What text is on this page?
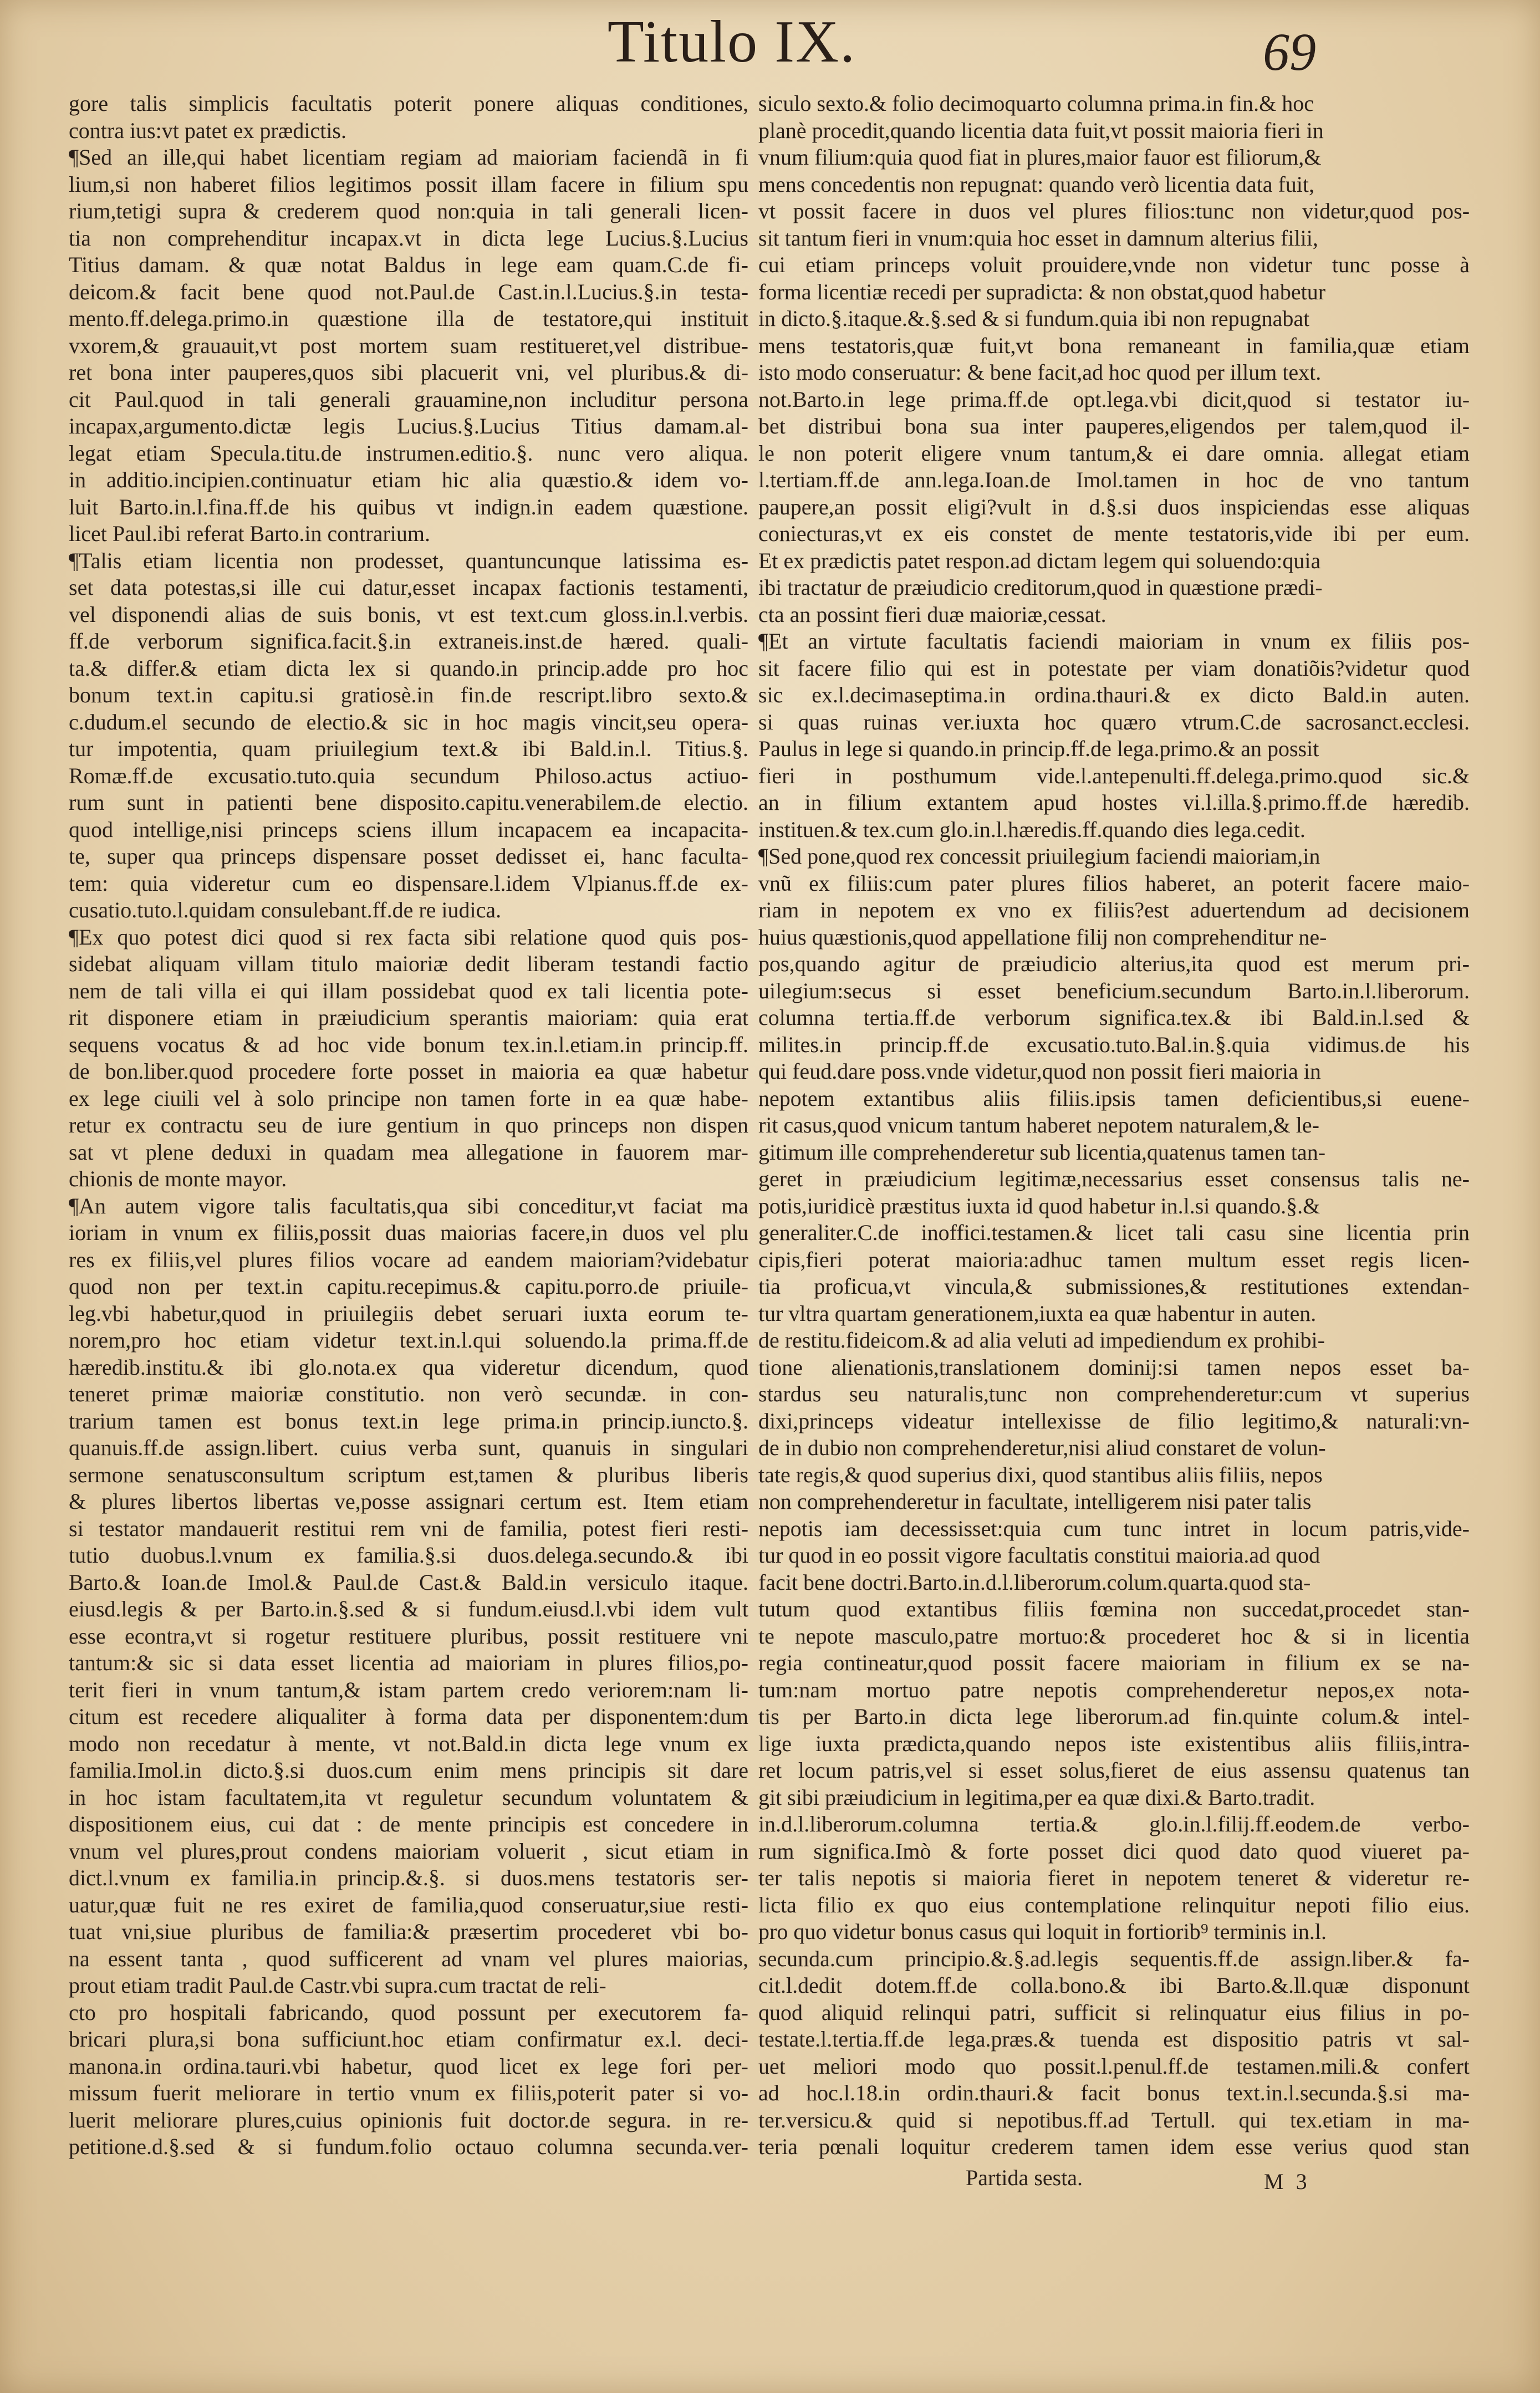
Titulo IX.	69
gore talis simplicis facultatis poterit ponere aliquas conditiones,
contra ius:vt patet ex prædictis.
¶Sed an ille,qui habet licentiam regiam ad maioriam faciendã in fi
lium,si non haberet filios legitimos possit illam facere in filium spu
rium,tetigi supra & crederem quod non:quia in tali generali licen-
tia non comprehenditur incapax.vt in dicta lege Lucius.§.Lucius
Titius damam. & quæ notat Baldus in lege eam quam.C.de fi-
deicom.& facit bene quod not.Paul.de Cast.in.l.Lucius.§.in testa-
mento.ff.delega.primo.in quæstione illa de testatore,qui instituit
vxorem,& grauauit,vt post mortem suam restitueret,vel distribue-
ret bona inter pauperes,quos sibi placuerit vni, vel pluribus.& di-
cit Paul.quod in tali generali grauamine,non includitur persona
incapax,argumento.dictæ legis Lucius.§.Lucius Titius damam.al-
legat etiam Specula.titu.de instrumen.editio.§. nunc vero aliqua.
in additio.incipien.continuatur etiam hic alia quæstio.& idem vo-
luit Barto.in.l.fina.ff.de his quibus vt indign.in eadem quæstione.
licet Paul.ibi referat Barto.in contrarium.
¶Talis etiam licentia non prodesset, quantuncunque latissima es-
set data potestas,si ille cui datur,esset incapax factionis testamenti,
vel disponendi alias de suis bonis, vt est text.cum gloss.in.l.verbis.
ff.de verborum significa.facit.§.in extraneis.inst.de hæred. quali-
ta.& differ.& etiam dicta lex si quando.in princip.adde pro hoc
bonum text.in capitu.si gratiosè.in fin.de rescript.libro sexto.&
c.dudum.el secundo de electio.& sic in hoc magis vincit,seu opera-
tur impotentia, quam priuilegium text.& ibi Bald.in.l. Titius.§.
Romæ.ff.de excusatio.tuto.quia secundum Philoso.actus actiuo-
rum sunt in patienti bene disposito.capitu.venerabilem.de electio.
quod intellige,nisi princeps sciens illum incapacem ea incapacita-
te, super qua princeps dispensare posset dedisset ei, hanc faculta-
tem: quia videretur cum eo dispensare.l.idem Vlpianus.ff.de ex-
cusatio.tuto.l.quidam consulebant.ff.de re iudica.
¶Ex quo potest dici quod si rex facta sibi relatione quod quis pos-
sidebat aliquam villam titulo maioriæ dedit liberam testandi factio
nem de tali villa ei qui illam possidebat quod ex tali licentia pote-
rit disponere etiam in præiudicium sperantis maioriam: quia erat
sequens vocatus & ad hoc vide bonum tex.in.l.etiam.in princip.ff.
de bon.liber.quod procedere forte posset in maioria ea quæ habetur
ex lege ciuili vel à solo principe non tamen forte in ea quæ habe-
retur ex contractu seu de iure gentium in quo princeps non dispen
sat vt plene deduxi in quadam mea allegatione in fauorem mar-
chionis de monte mayor.
¶An autem vigore talis facultatis,qua sibi conceditur,vt faciat ma
ioriam in vnum ex filiis,possit duas maiorias facere,in duos vel plu
res ex filiis,vel plures filios vocare ad eandem maioriam?videbatur
quod non per text.in capitu.recepimus.& capitu.porro.de priuile-
leg.vbi habetur,quod in priuilegiis debet seruari iuxta eorum te-
norem,pro hoc etiam videtur text.in.l.qui soluendo.la prima.ff.de
hæredib.institu.& ibi glo.nota.ex qua videretur dicendum, quod
teneret primæ maioriæ constitutio. non verò secundæ. in con-
trarium tamen est bonus text.in lege prima.in princip.iuncto.§.
quanuis.ff.de assign.libert. cuius verba sunt, quanuis in singulari
sermone senatusconsultum scriptum est,tamen & pluribus liberis
& plures libertos libertas ve,posse assignari certum est. Item etiam
si testator mandauerit restitui rem vni de familia, potest fieri resti-
tutio duobus.l.vnum ex familia.§.si duos.delega.secundo.& ibi
Barto.& Ioan.de Imol.& Paul.de Cast.& Bald.in versiculo itaque.
eiusd.legis & per Barto.in.§.sed & si fundum.eiusd.l.vbi idem vult
esse econtra,vt si rogetur restituere pluribus, possit restituere vni
tantum:& sic si data esset licentia ad maioriam in plures filios,po-
terit fieri in vnum tantum,& istam partem credo veriorem:nam li-
citum est recedere aliqualiter à forma data per disponentem:dum
modo non recedatur à mente, vt not.Bald.in dicta lege vnum ex
familia.Imol.in dicto.§.si duos.cum enim mens principis sit dare
in hoc istam facultatem,ita vt reguletur secundum voluntatem &
dispositionem eius, cui dat : de mente principis est concedere in
vnum vel plures,prout condens maioriam voluerit , sicut etiam in
dict.l.vnum ex familia.in princip.&.§. si duos.mens testatoris ser-
uatur,quæ fuit ne res exiret de familia,quod conseruatur,siue resti-
tuat vni,siue pluribus de familia:& præsertim procederet vbi bo-
na essent tanta , quod sufficerent ad vnam vel plures maiorias,
prout etiam tradit Paul.de Castr.vbi supra.cum tractat de reli-
cto pro hospitali fabricando, quod possunt per executorem fa-
bricari plura,si bona sufficiunt.hoc etiam confirmatur ex.l. deci-
manona.in ordina.tauri.vbi habetur, quod licet ex lege fori per-
missum fuerit meliorare in tertio vnum ex filiis,poterit pater si vo-
luerit meliorare plures,cuius opinionis fuit doctor.de segura. in re-
petitione.d.§.sed & si fundum.folio octauo columna secunda.ver-
siculo sexto.& folio decimoquarto columna prima.in fin.& hoc
planè procedit,quando licentia data fuit,vt possit maioria fieri in
vnum filium:quia quod fiat in plures,maior fauor est filiorum,&
mens concedentis non repugnat: quando verò licentia data fuit,
vt possit facere in duos vel plures filios:tunc non videtur,quod pos-
sit tantum fieri in vnum:quia hoc esset in damnum alterius filii,
cui etiam princeps voluit prouidere,vnde non videtur tunc posse à
forma licentiæ recedi per supradicta: & non obstat,quod habetur
in dicto.§.itaque.&.§.sed & si fundum.quia ibi non repugnabat
mens testatoris,quæ fuit,vt bona remaneant in familia,quæ etiam
isto modo conseruatur: & bene facit,ad hoc quod per illum text.
not.Barto.in lege prima.ff.de opt.lega.vbi dicit,quod si testator iu-
bet distribui bona sua inter pauperes,eligendos per talem,quod il-
le non poterit eligere vnum tantum,& ei dare omnia. allegat etiam
l.tertiam.ff.de ann.lega.Ioan.de Imol.tamen in hoc de vno tantum
paupere,an possit eligi?vult in d.§.si duos inspiciendas esse aliquas
coniecturas,vt ex eis constet de mente testatoris,vide ibi per eum.
Et ex prædictis patet respon.ad dictam legem qui soluendo:quia
ibi tractatur de præiudicio creditorum,quod in quæstione prædi-
cta an possint fieri duæ maioriæ,cessat.
¶Et an virtute facultatis faciendi maioriam in vnum ex filiis pos-
sit facere filio qui est in potestate per viam donatiõis?videtur quod
sic ex.l.decimaseptima.in ordina.thauri.& ex dicto Bald.in auten.
si quas ruinas ver.iuxta hoc quæro vtrum.C.de sacrosanct.ecclesi.
Paulus in lege si quando.in princip.ff.de lega.primo.& an possit
fieri in posthumum vide.l.antepenulti.ff.delega.primo.quod sic.&
an in filium extantem apud hostes vi.l.illa.§.primo.ff.de hæredib.
instituen.& tex.cum glo.in.l.hæredis.ff.quando dies lega.cedit.
¶Sed pone,quod rex concessit priuilegium faciendi maioriam,in
vnũ ex filiis:cum pater plures filios haberet, an poterit facere maio-
riam in nepotem ex vno ex filiis?est aduertendum ad decisionem
huius quæstionis,quod appellatione filij non comprehenditur ne-
pos,quando agitur de præiudicio alterius,ita quod est merum pri-
uilegium:secus si esset beneficium.secundum Barto.in.l.liberorum.
columna tertia.ff.de verborum significa.tex.& ibi Bald.in.l.sed &
milites.in princip.ff.de excusatio.tuto.Bal.in.§.quia vidimus.de his
qui feud.dare poss.vnde videtur,quod non possit fieri maioria in
nepotem extantibus aliis filiis.ipsis tamen deficientibus,si euene-
rit casus,quod vnicum tantum haberet nepotem naturalem,& le-
gitimum ille comprehenderetur sub licentia,quatenus tamen tan-
geret in præiudicium legitimæ,necessarius esset consensus talis ne-
potis,iuridicè præstitus iuxta id quod habetur in.l.si quando.§.&
generaliter.C.de inoffici.testamen.& licet tali casu sine licentia prin
cipis,fieri poterat maioria:adhuc tamen multum esset regis licen-
tia proficua,vt vincula,& submissiones,& restitutiones extendan-
tur vltra quartam generationem,iuxta ea quæ habentur in auten.
de restitu.fideicom.& ad alia veluti ad impediendum ex prohibi-
tione alienationis,translationem dominij:si tamen nepos esset ba-
stardus seu naturalis,tunc non comprehenderetur:cum vt superius
dixi,princeps videatur intellexisse de filio legitimo,& naturali:vn-
de in dubio non comprehenderetur,nisi aliud constaret de volun-
tate regis,& quod superius dixi, quod stantibus aliis filiis, nepos
non comprehenderetur in facultate, intelligerem nisi pater talis
nepotis iam decessisset:quia cum tunc intret in locum patris,vide-
tur quod in eo possit vigore facultatis constitui maioria.ad quod
facit bene doctri.Barto.in.d.l.liberorum.colum.quarta.quod sta-
tutum quod extantibus filiis fœmina non succedat,procedet stan-
te nepote masculo,patre mortuo:& procederet hoc & si in licentia
regia contineatur,quod possit facere maioriam in filium ex se na-
tum:nam mortuo patre nepotis comprehenderetur nepos,ex nota-
tis per Barto.in dicta lege liberorum.ad fin.quinte colum.& intel-
lige iuxta prædicta,quando nepos iste existentibus aliis filiis,intra-
ret locum patris,vel si esset solus,fieret de eius assensu quatenus tan
git sibi præiudicium in legitima,per ea quæ dixi.& Barto.tradit.
in.d.l.liberorum.columna tertia.& glo.in.l.filij.ff.eodem.de verbo-
rum significa.Imò & forte posset dici quod dato quod viueret pa-
ter talis nepotis si maioria fieret in nepotem teneret & videretur re-
licta filio ex quo eius contemplatione relinquitur nepoti filio eius.
pro quo videtur bonus casus qui loquit in fortiorib⁹ terminis in.l.
secunda.cum principio.&.§.ad.legis sequentis.ff.de assign.liber.& fa-
cit.l.dedit dotem.ff.de colla.bono.& ibi Barto.&.ll.quæ disponunt
quod aliquid relinqui patri, sufficit si relinquatur eius filius in po-
testate.l.tertia.ff.de lega.præs.& tuenda est dispositio patris vt sal-
uet meliori modo quo possit.l.penul.ff.de testamen.mili.& confert
ad hoc.l.18.in ordin.thauri.& facit bonus text.in.l.secunda.§.si ma-
ter.versicu.& quid si nepotibus.ff.ad Tertull. qui tex.etiam in ma-
teria pœnali loquitur crederem tamen idem esse verius quod stan
Partida sesta.	M 3
